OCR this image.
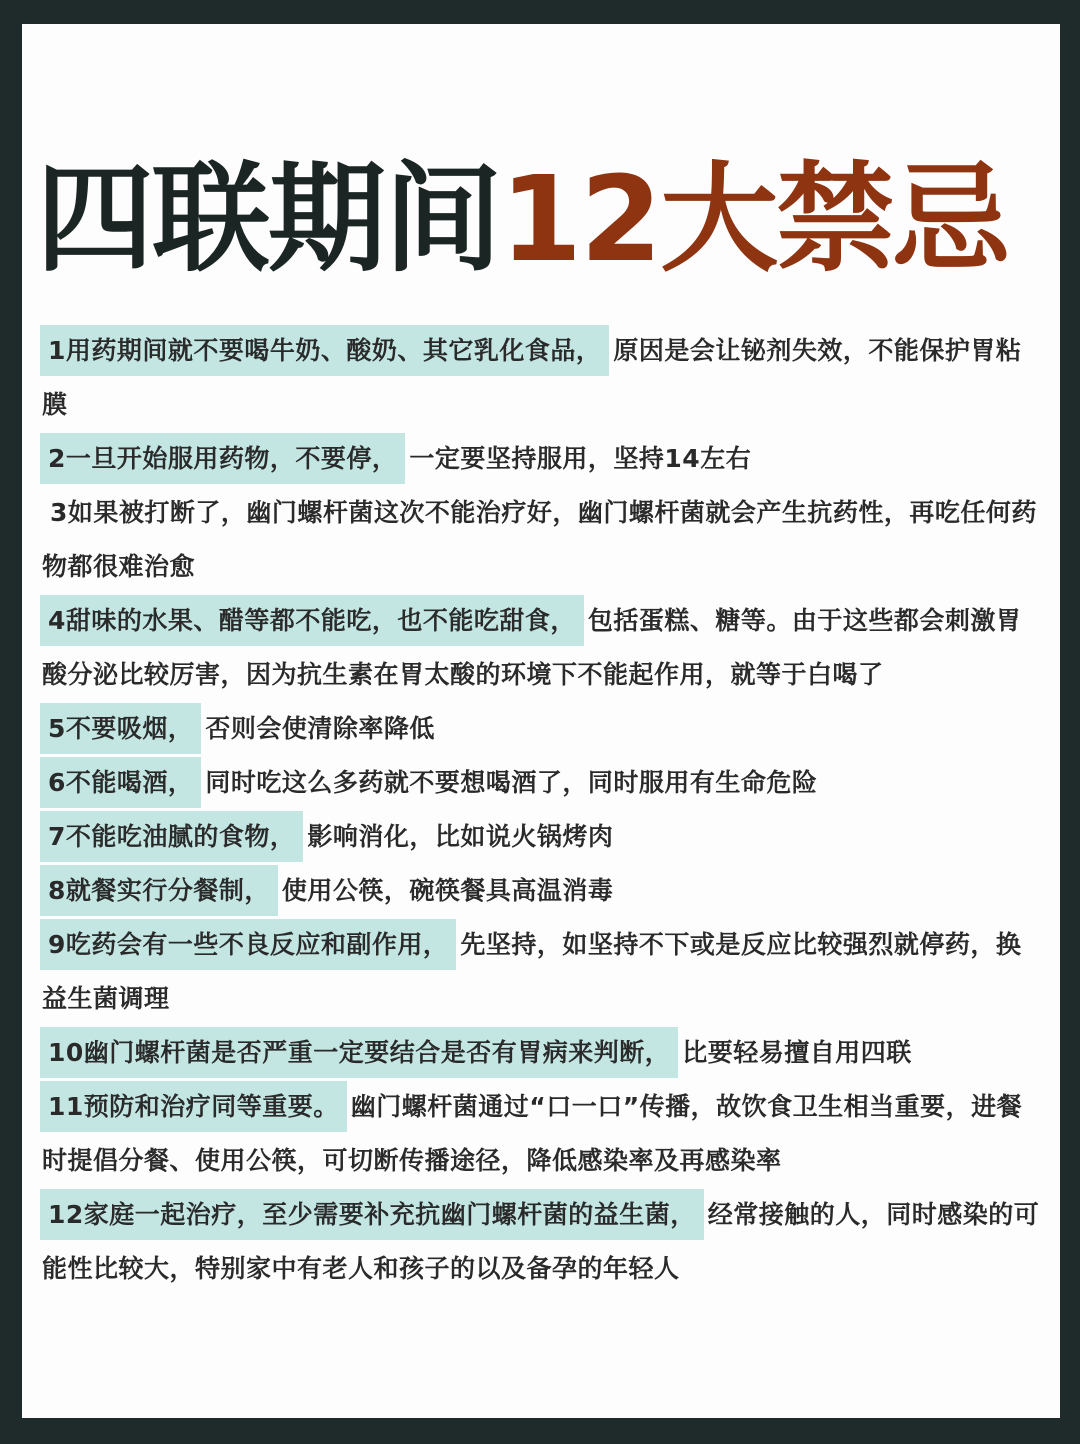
四联期间12大禁忌

1用药期间就不要喝牛奶、酸奶、其它乳化食品， 原因是会让铋剂失效，不能保护胃粘膜

2一旦开始服用药物，不要停， 一定要坚持服用，坚持14左右

3如果被打断了，幽门螺杆菌这次不能治疗好，幽门螺杆菌就会产生抗药性，再吃任何药物都很难治愈

4甜味的水果、醋等都不能吃，也不能吃甜食， 包括蛋糕、糖等。由于这些都会刺激胃酸分泌比较厉害，因为抗生素在胃太酸的环境下不能起作用，就等于白喝了

5不要吸烟， 否则会使清除率降低

6不能喝酒， 同时吃这么多药就不要想喝酒了，同时服用有生命危险

7不能吃油腻的食物， 影响消化，比如说火锅烤肉

8就餐实行分餐制， 使用公筷，碗筷餐具高温消毒

9吃药会有一些不良反应和副作用， 先坚持，如坚持不下或是反应比较强烈就停药，换益生菌调理

10幽门螺杆菌是否严重一定要结合是否有胃病来判断， 比要轻易擅自用四联

11预防和治疗同等重要。 幽门螺杆菌通过“口一口”传播，故饮食卫生相当重要，进餐时提倡分餐、使用公筷，可切断传播途径，降低感染率及再感染率

12家庭一起治疗，至少需要补充抗幽门螺杆菌的益生菌， 经常接触的人，同时感染的可能性比较大，特别家中有老人和孩子的以及备孕的年轻人
